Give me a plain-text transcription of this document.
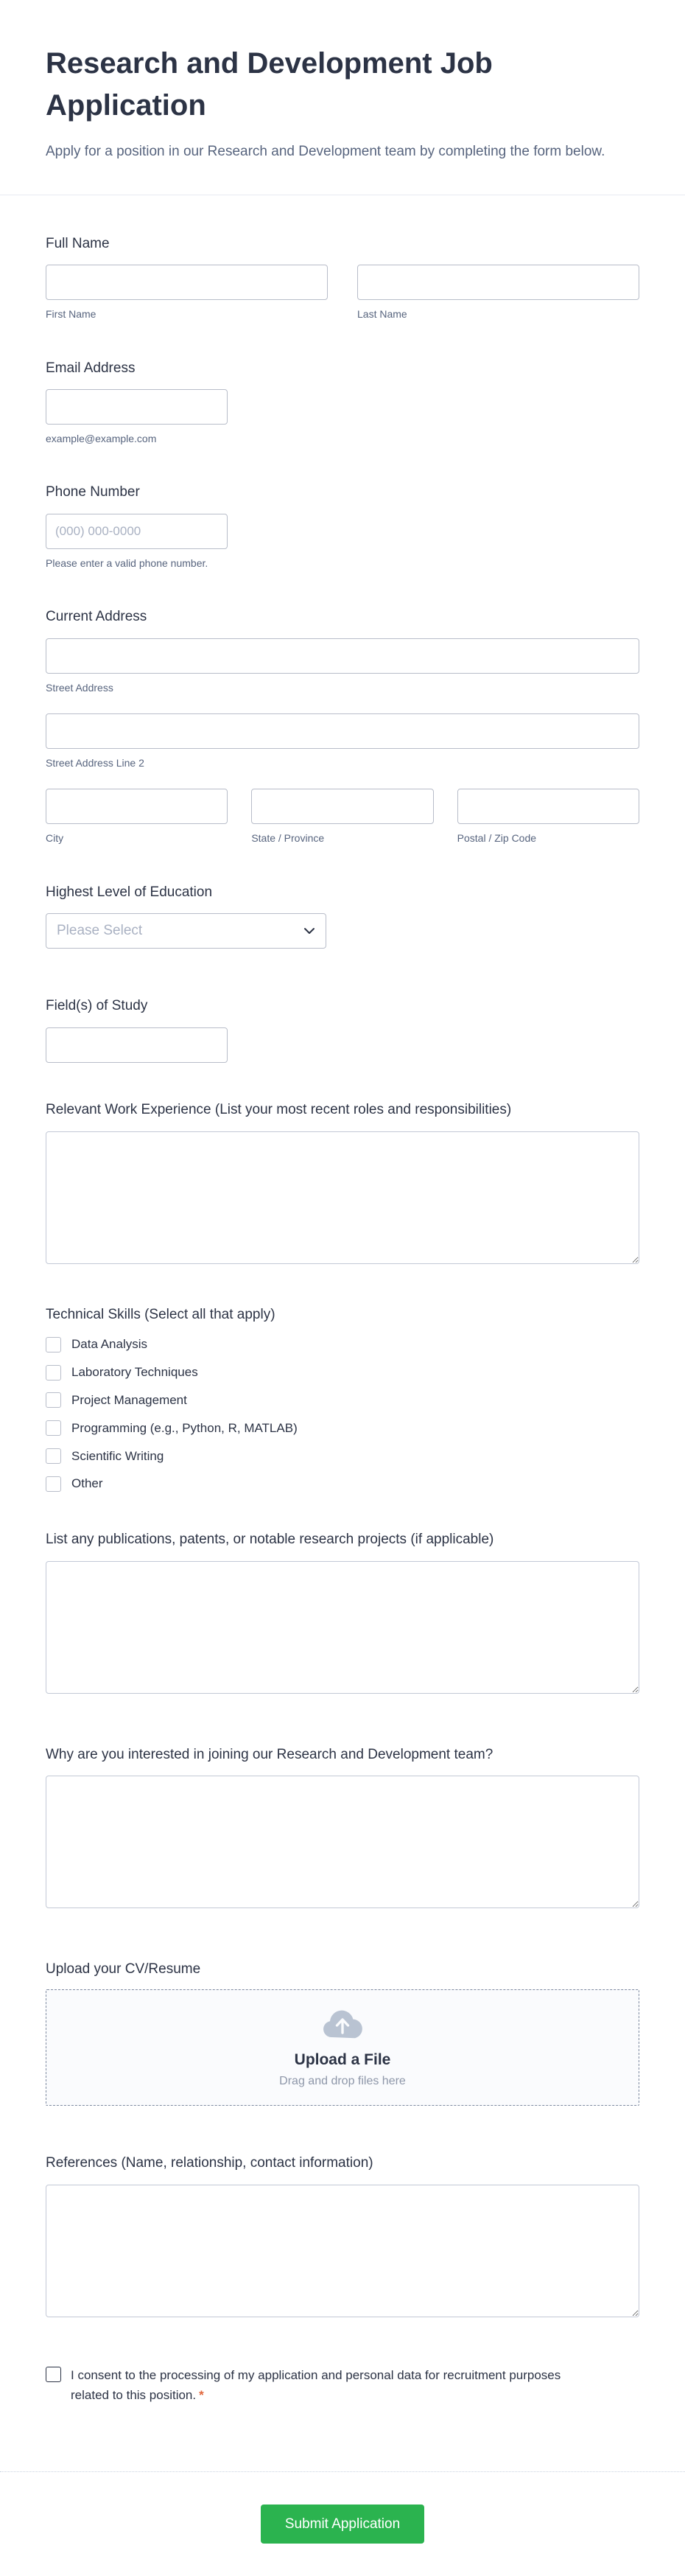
Research and Development Job Application

Apply for a position in our Research and Development team by completing the form below.

Full Name
First Name	Last Name
Email Address
example@example.com
Phone Number
(000) 000-0000
Please enter a valid phone number.
Current Address
Street Address
Street Address Line 2
City	State / Province	Postal / Zip Code
Highest Level of Education
Please Select
Field(s) of Study
Relevant Work Experience (List your most recent roles and responsibilities)
Technical Skills (Select all that apply)
Data Analysis
Laboratory Techniques
Project Management
Programming (e.g., Python, R, MATLAB)
Scientific Writing
Other
List any publications, patents, or notable research projects (if applicable)
Why are you interested in joining our Research and Development team?
Upload your CV/Resume
Upload a File
Drag and drop files here
References (Name, relationship, contact information)
I consent to the processing of my application and personal data for recruitment purposes related to this position. *
Submit Application
